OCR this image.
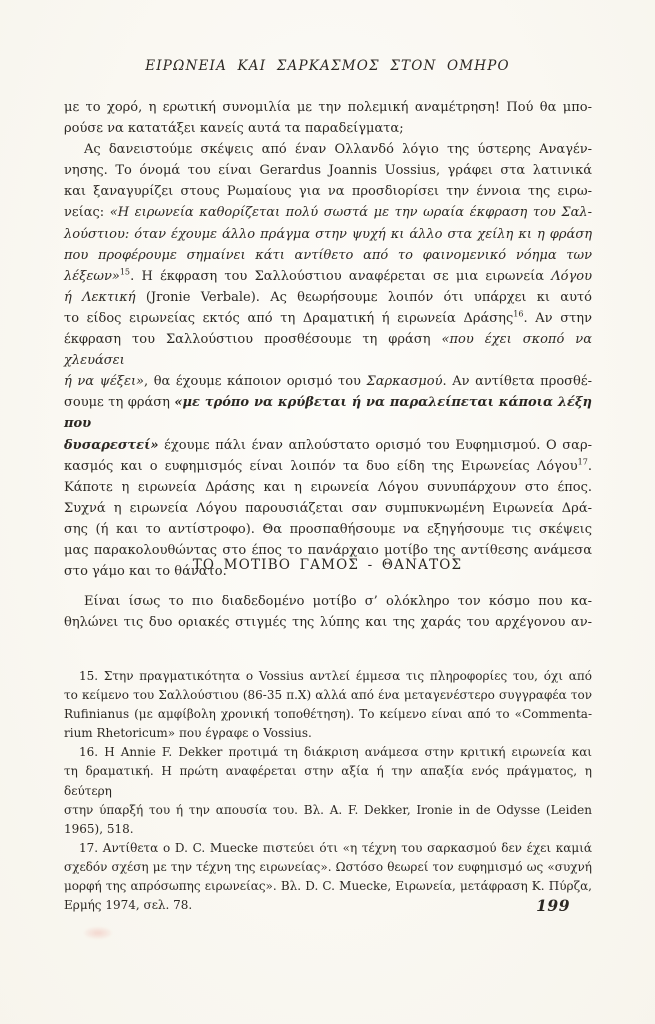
ΕΙΡΩΝΕΙΑ ΚΑΙ ΣΑΡΚΑΣΜΟΣ ΣΤΟΝ ΟΜΗΡΟ
με το χορό, η ερωτική συνομιλία με την πολεμική αναμέτρηση! Πού θα μπο-
ρούσε να κατατάξει κανείς αυτά τα παραδείγματα;
Ας δανειστούμε σκέψεις από έναν Ολλανδό λόγιο της ύστερης Αναγέν-
νησης. Το όνομά του είναι Gerardus Joannis Uossius, γράφει στα λατινικά
και ξαναγυρίζει στους Ρωμαίους για να προσδιορίσει την έννοια της ειρω-
νείας: «Η ειρωνεία καθορίζεται πολύ σωστά με την ωραία έκφραση του Σαλ-
λούστιου: όταν έχουμε άλλο πράγμα στην ψυχή κι άλλο στα χείλη κι η φράση
που προφέρουμε σημαίνει κάτι αντίθετο από το φαινομενικό νόημα των
λέξεων»$^{15}$. Η έκφραση του Σαλλούστιου αναφέρεται σε μια ειρωνεία Λόγου
ή Λεκτική (Jronie Verbale). Ας θεωρήσουμε λοιπόν ότι υπάρχει κι αυτό
το είδος ειρωνείας εκτός από τη Δραματική ή ειρωνεία Δράσης$^{16}$. Αν στην
έκφραση του Σαλλούστιου προσθέσουμε τη φράση «που έχει σκοπό να χλευάσει
ή να ψέξει», θα έχουμε κάποιον ορισμό του Σαρκασμού. Αν αντίθετα προσθέ-
σουμε τη φράση «με τρόπο να κρύβεται ή να παραλείπεται κάποια λέξη που
δυσαρεστεί» έχουμε πάλι έναν απλούστατο ορισμό του Ευφημισμού. Ο σαρ-
κασμός και ο ευφημισμός είναι λοιπόν τα δυο είδη της Ειρωνείας Λόγου$^{17}$.
Κάποτε η ειρωνεία Δράσης και η ειρωνεία Λόγου συνυπάρχουν στο έπος.
Συχνά η ειρωνεία Λόγου παρουσιάζεται σαν συμπυκνωμένη Ειρωνεία Δρά-
σης (ή και το αντίστροφο). Θα προσπαθήσουμε να εξηγήσουμε τις σκέψεις
μας παρακολουθώντας στο έπος το πανάρχαιο μοτίβο της αντίθεσης ανάμεσα
στο γάμο και το θάνατο.
ΤΟ ΜΟΤΙΒΟ ΓΑΜΟΣ - ΘΑΝΑΤΟΣ
Είναι ίσως το πιο διαδεδομένο μοτίβο σ’ ολόκληρο τον κόσμο που κα-
θηλώνει τις δυο οριακές στιγμές της λύπης και της χαράς του αρχέγονου αν-
15. Στην πραγματικότητα ο Vossius αντλεί έμμεσα τις πληροφορίες του, όχι από
το κείμενο του Σαλλούστιου (86-35 π.Χ) αλλά από ένα μεταγενέστερο συγγραφέα τον
Rufinianus (με αμφίβολη χρονική τοποθέτηση). Το κείμενο είναι από το «Commenta-
rium Rhetoricum» που έγραφε ο Vossius.
16. Η Annie F. Dekker προτιμά τη διάκριση ανάμεσα στην κριτική ειρωνεία και
τη δραματική. Η πρώτη αναφέρεται στην αξία ή την απαξία ενός πράγματος, η δεύτερη
στην ύπαρξή του ή την απουσία του. Βλ. A. F. Dekker, Ironie in de Odysse (Leiden
1965), 518.
17. Αντίθετα ο D. C. Muecke πιστεύει ότι «η τέχνη του σαρκασμού δεν έχει καμιά
σχεδόν σχέση με την τέχνη της ειρωνείας». Ωστόσο θεωρεί τον ευφημισμό ως «συχνή
μορφή της απρόσωπης ειρωνείας». Βλ. D. C. Muecke, Ειρωνεία, μετάφραση Κ. Πύρζα,
Ερμής 1974, σελ. 78.	199
